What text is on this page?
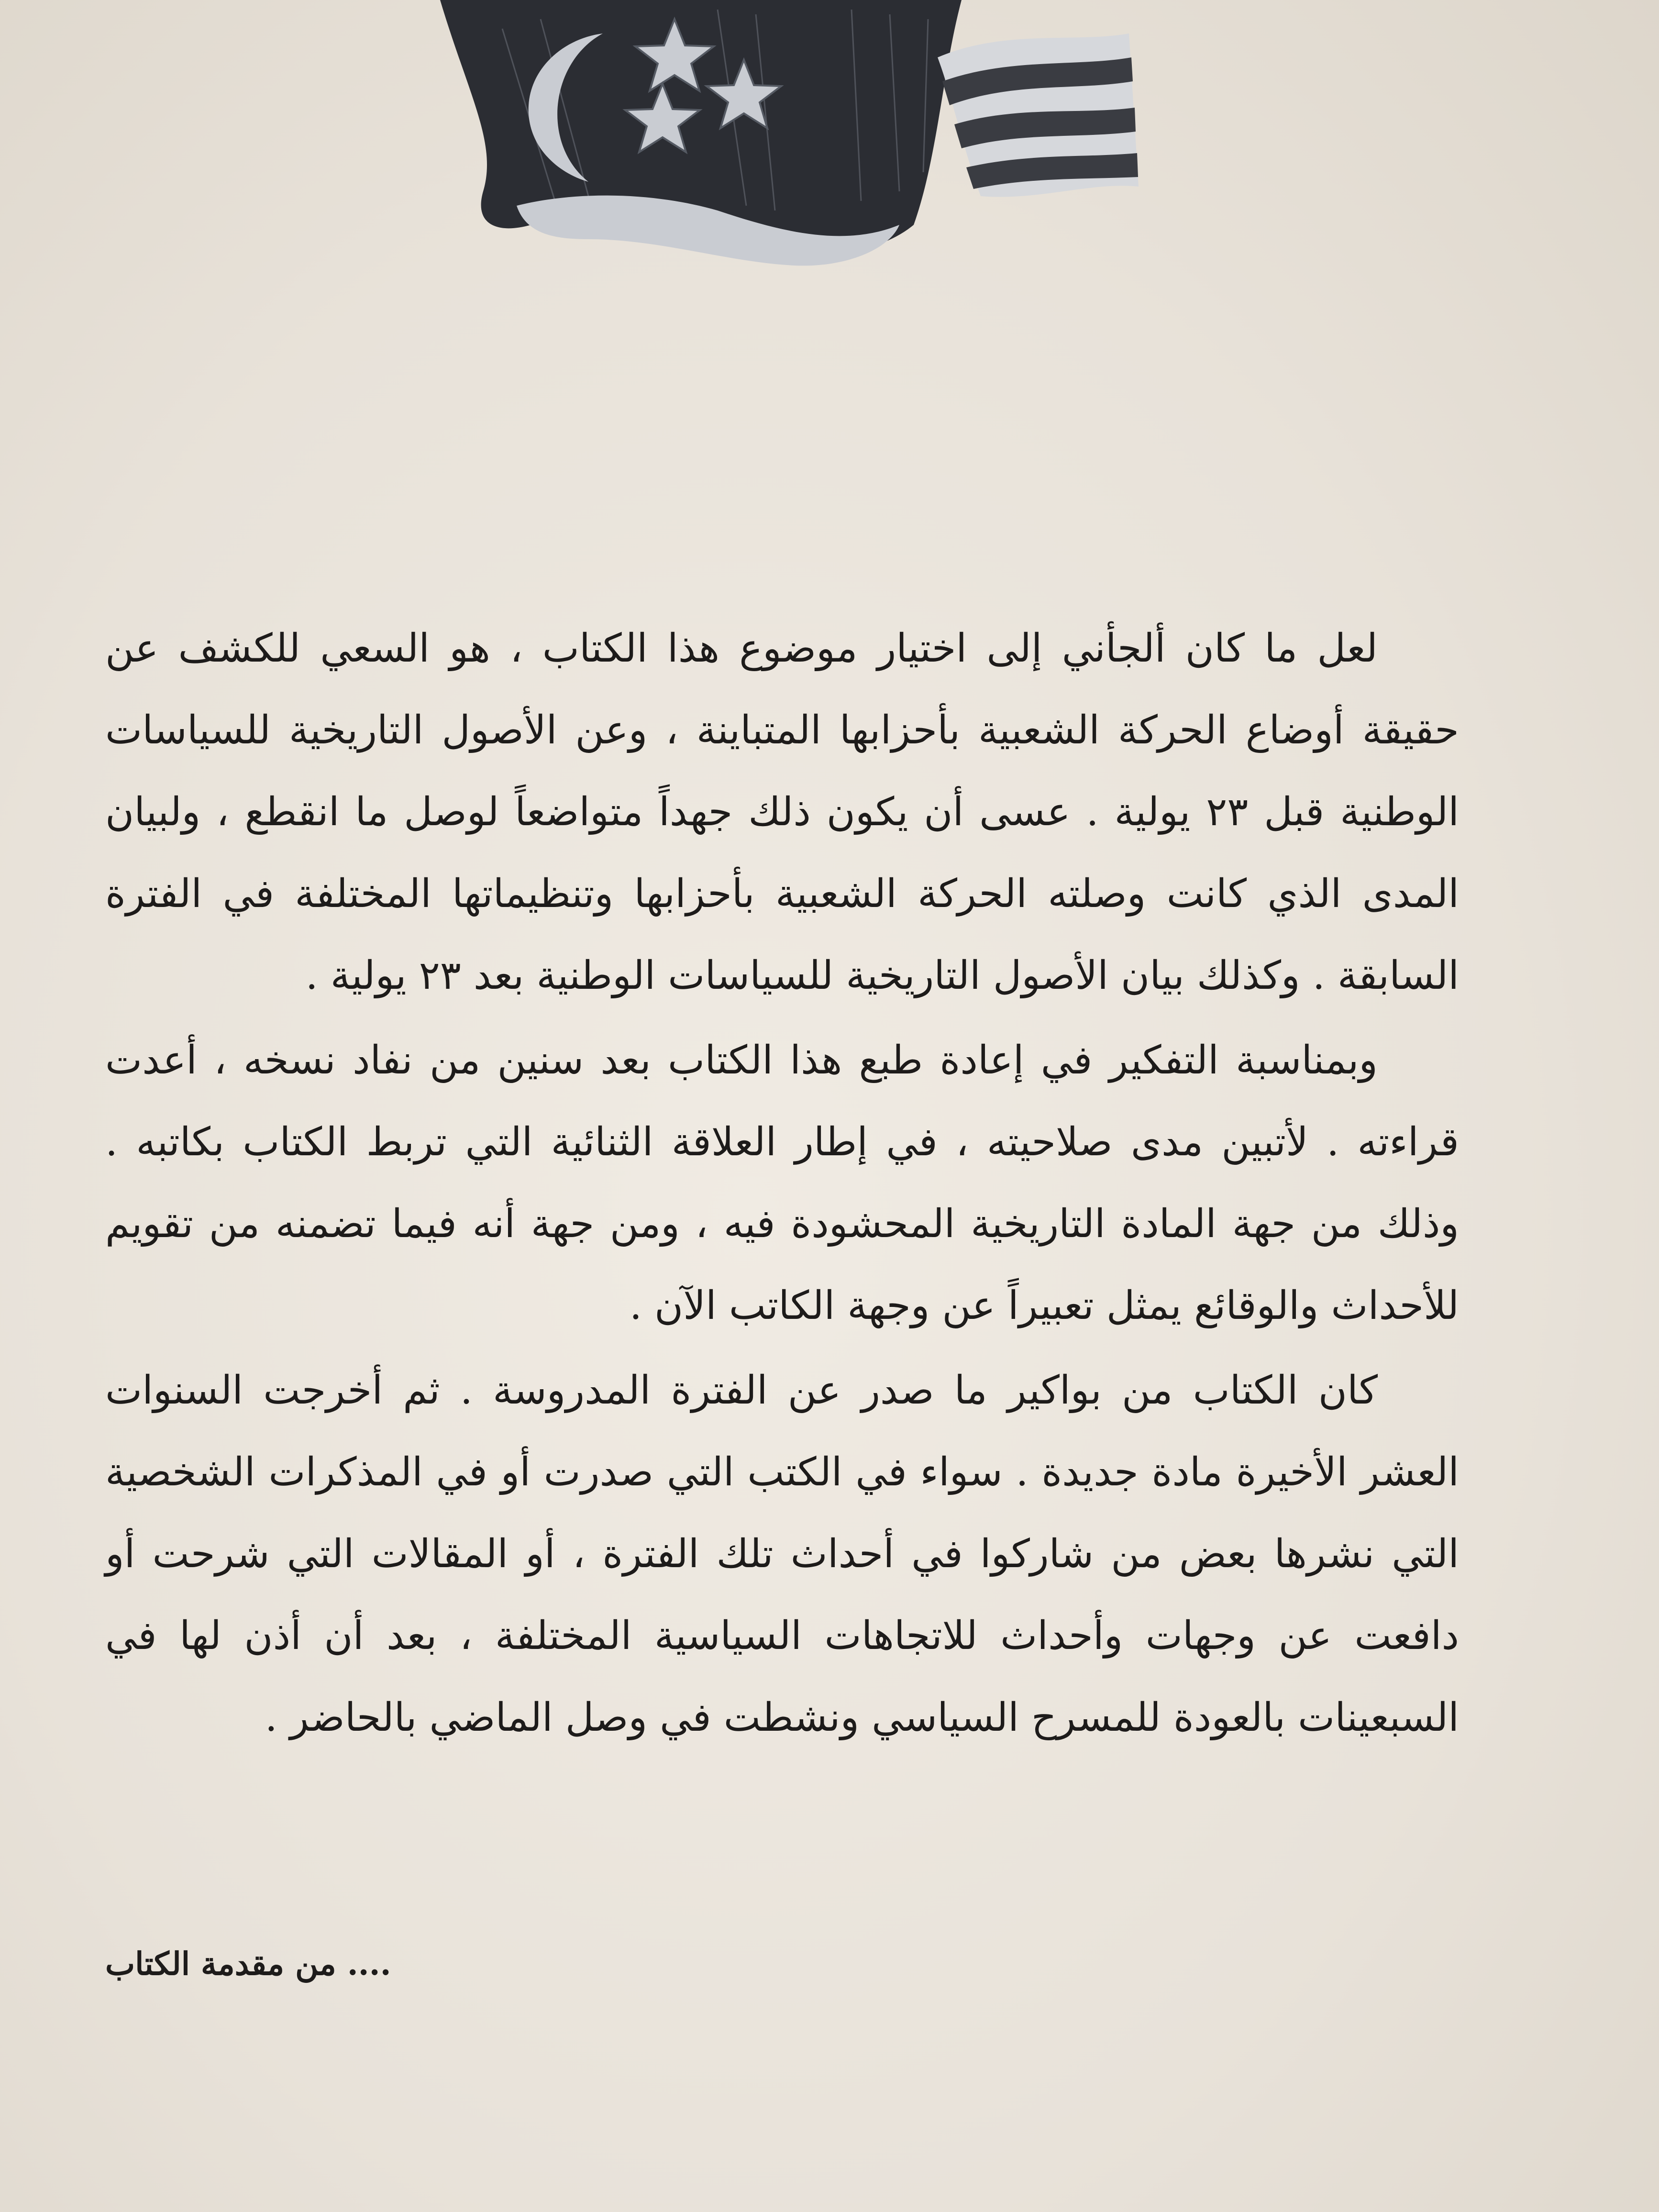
لعل ما كان ألجأني إلى اختيار موضوع هذا الكتاب ، هو السعي للكشف عن حقيقة أوضاع الحركة الشعبية بأحزابها المتباينة ، وعن الأصول التاريخية للسياسات الوطنية قبل ٢٣ يولية . عسى أن يكون ذلك جهداً متواضعاً لوصل ما انقطع ، ولبيان المدى الذي كانت وصلته الحركة الشعبية بأحزابها وتنظيماتها المختلفة في الفترة السابقة . وكذلك بيان الأصول التاريخية للسياسات الوطنية بعد ٢٣ يولية .

وبمناسبة التفكير في إعادة طبع هذا الكتاب بعد سنين من نفاد نسخه ، أعدت قراءته . لأتبين مدى صلاحيته ، في إطار العلاقة الثنائية التي تربط الكتاب بكاتبه . وذلك من جهة المادة التاريخية المحشودة فيه ، ومن جهة أنه فيما تضمنه من تقويم للأحداث والوقائع يمثل تعبيراً عن وجهة الكاتب الآن .

كان الكتاب من بواكير ما صدر عن الفترة المدروسة . ثم أخرجت السنوات العشر الأخيرة مادة جديدة . سواء في الكتب التي صدرت أو في المذكرات الشخصية التي نشرها بعض من شاركوا في أحداث تلك الفترة ، أو المقالات التي شرحت أو دافعت عن وجهات وأحداث للاتجاهات السياسية المختلفة ، بعد أن أذن لها في السبعينات بالعودة للمسرح السياسي ونشطت في وصل الماضي بالحاضر .

.... من مقدمة الكتاب
